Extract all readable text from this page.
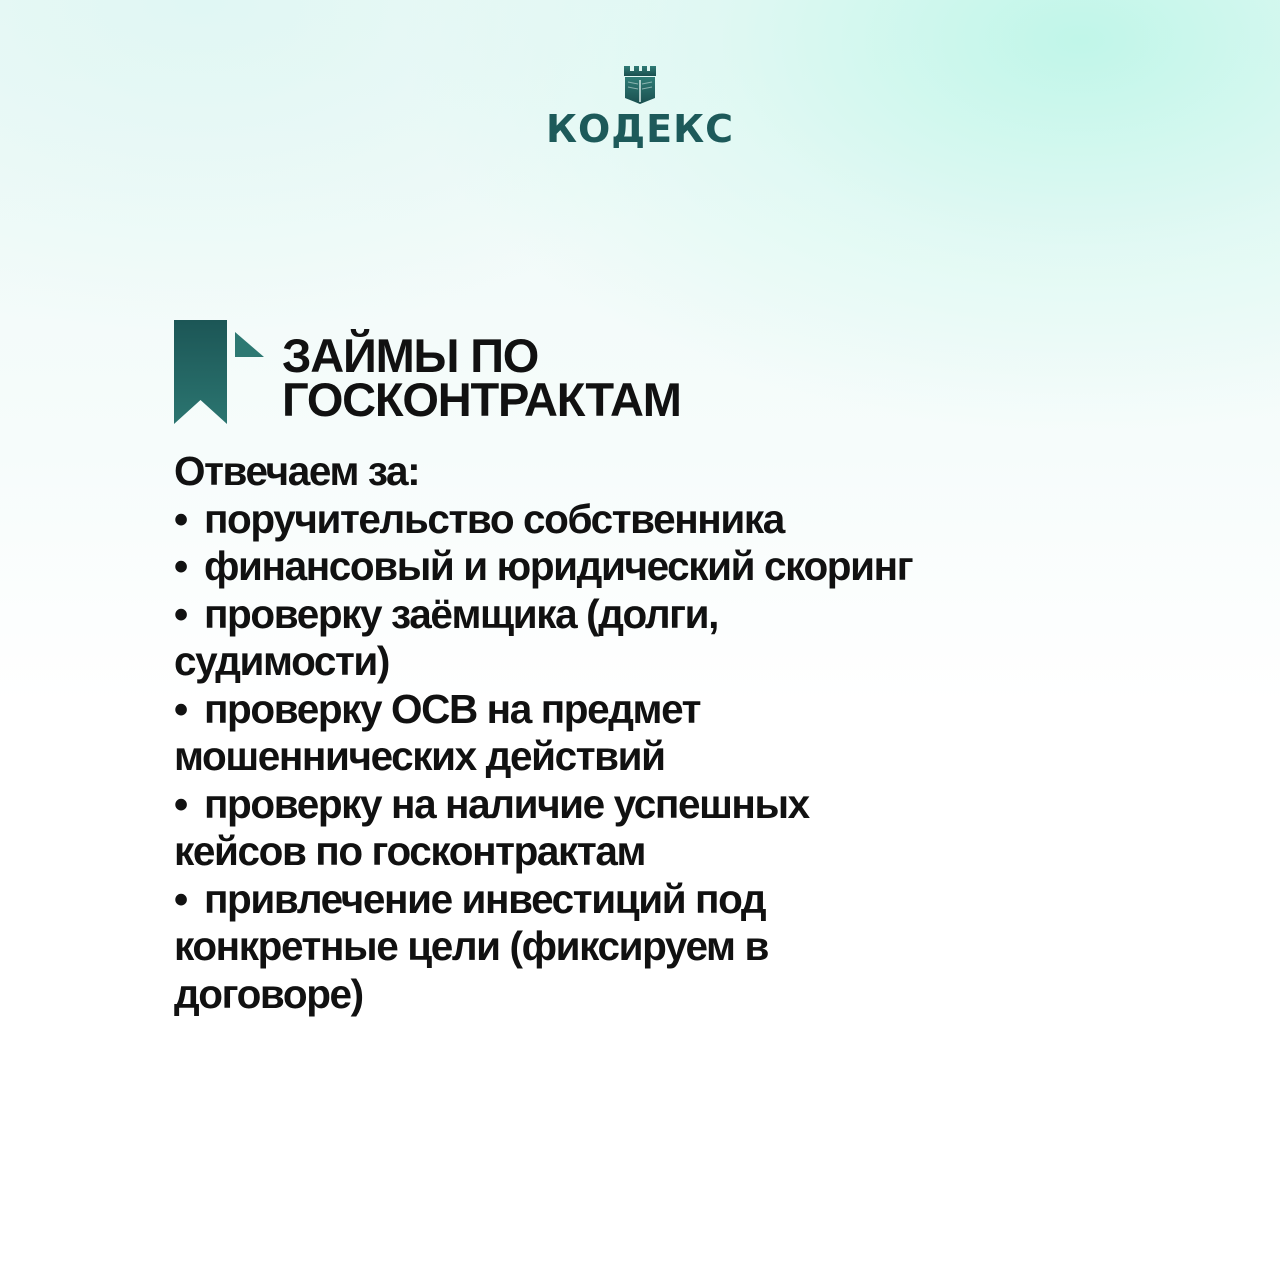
КОДЕКС
ЗАЙМЫ ПО
ГОСКОНТРАКТАМ

Отвечаем за:

• поручительство собственника
• финансовый и юридический скоринг
• проверку заёмщика (долги,
судимости)
• проверку ОСВ на предмет
мошеннических действий
• проверку на наличие успешных
кейсов по госконтрактам
• привлечение инвестиций под
конкретные цели (фиксируем в
договоре)
